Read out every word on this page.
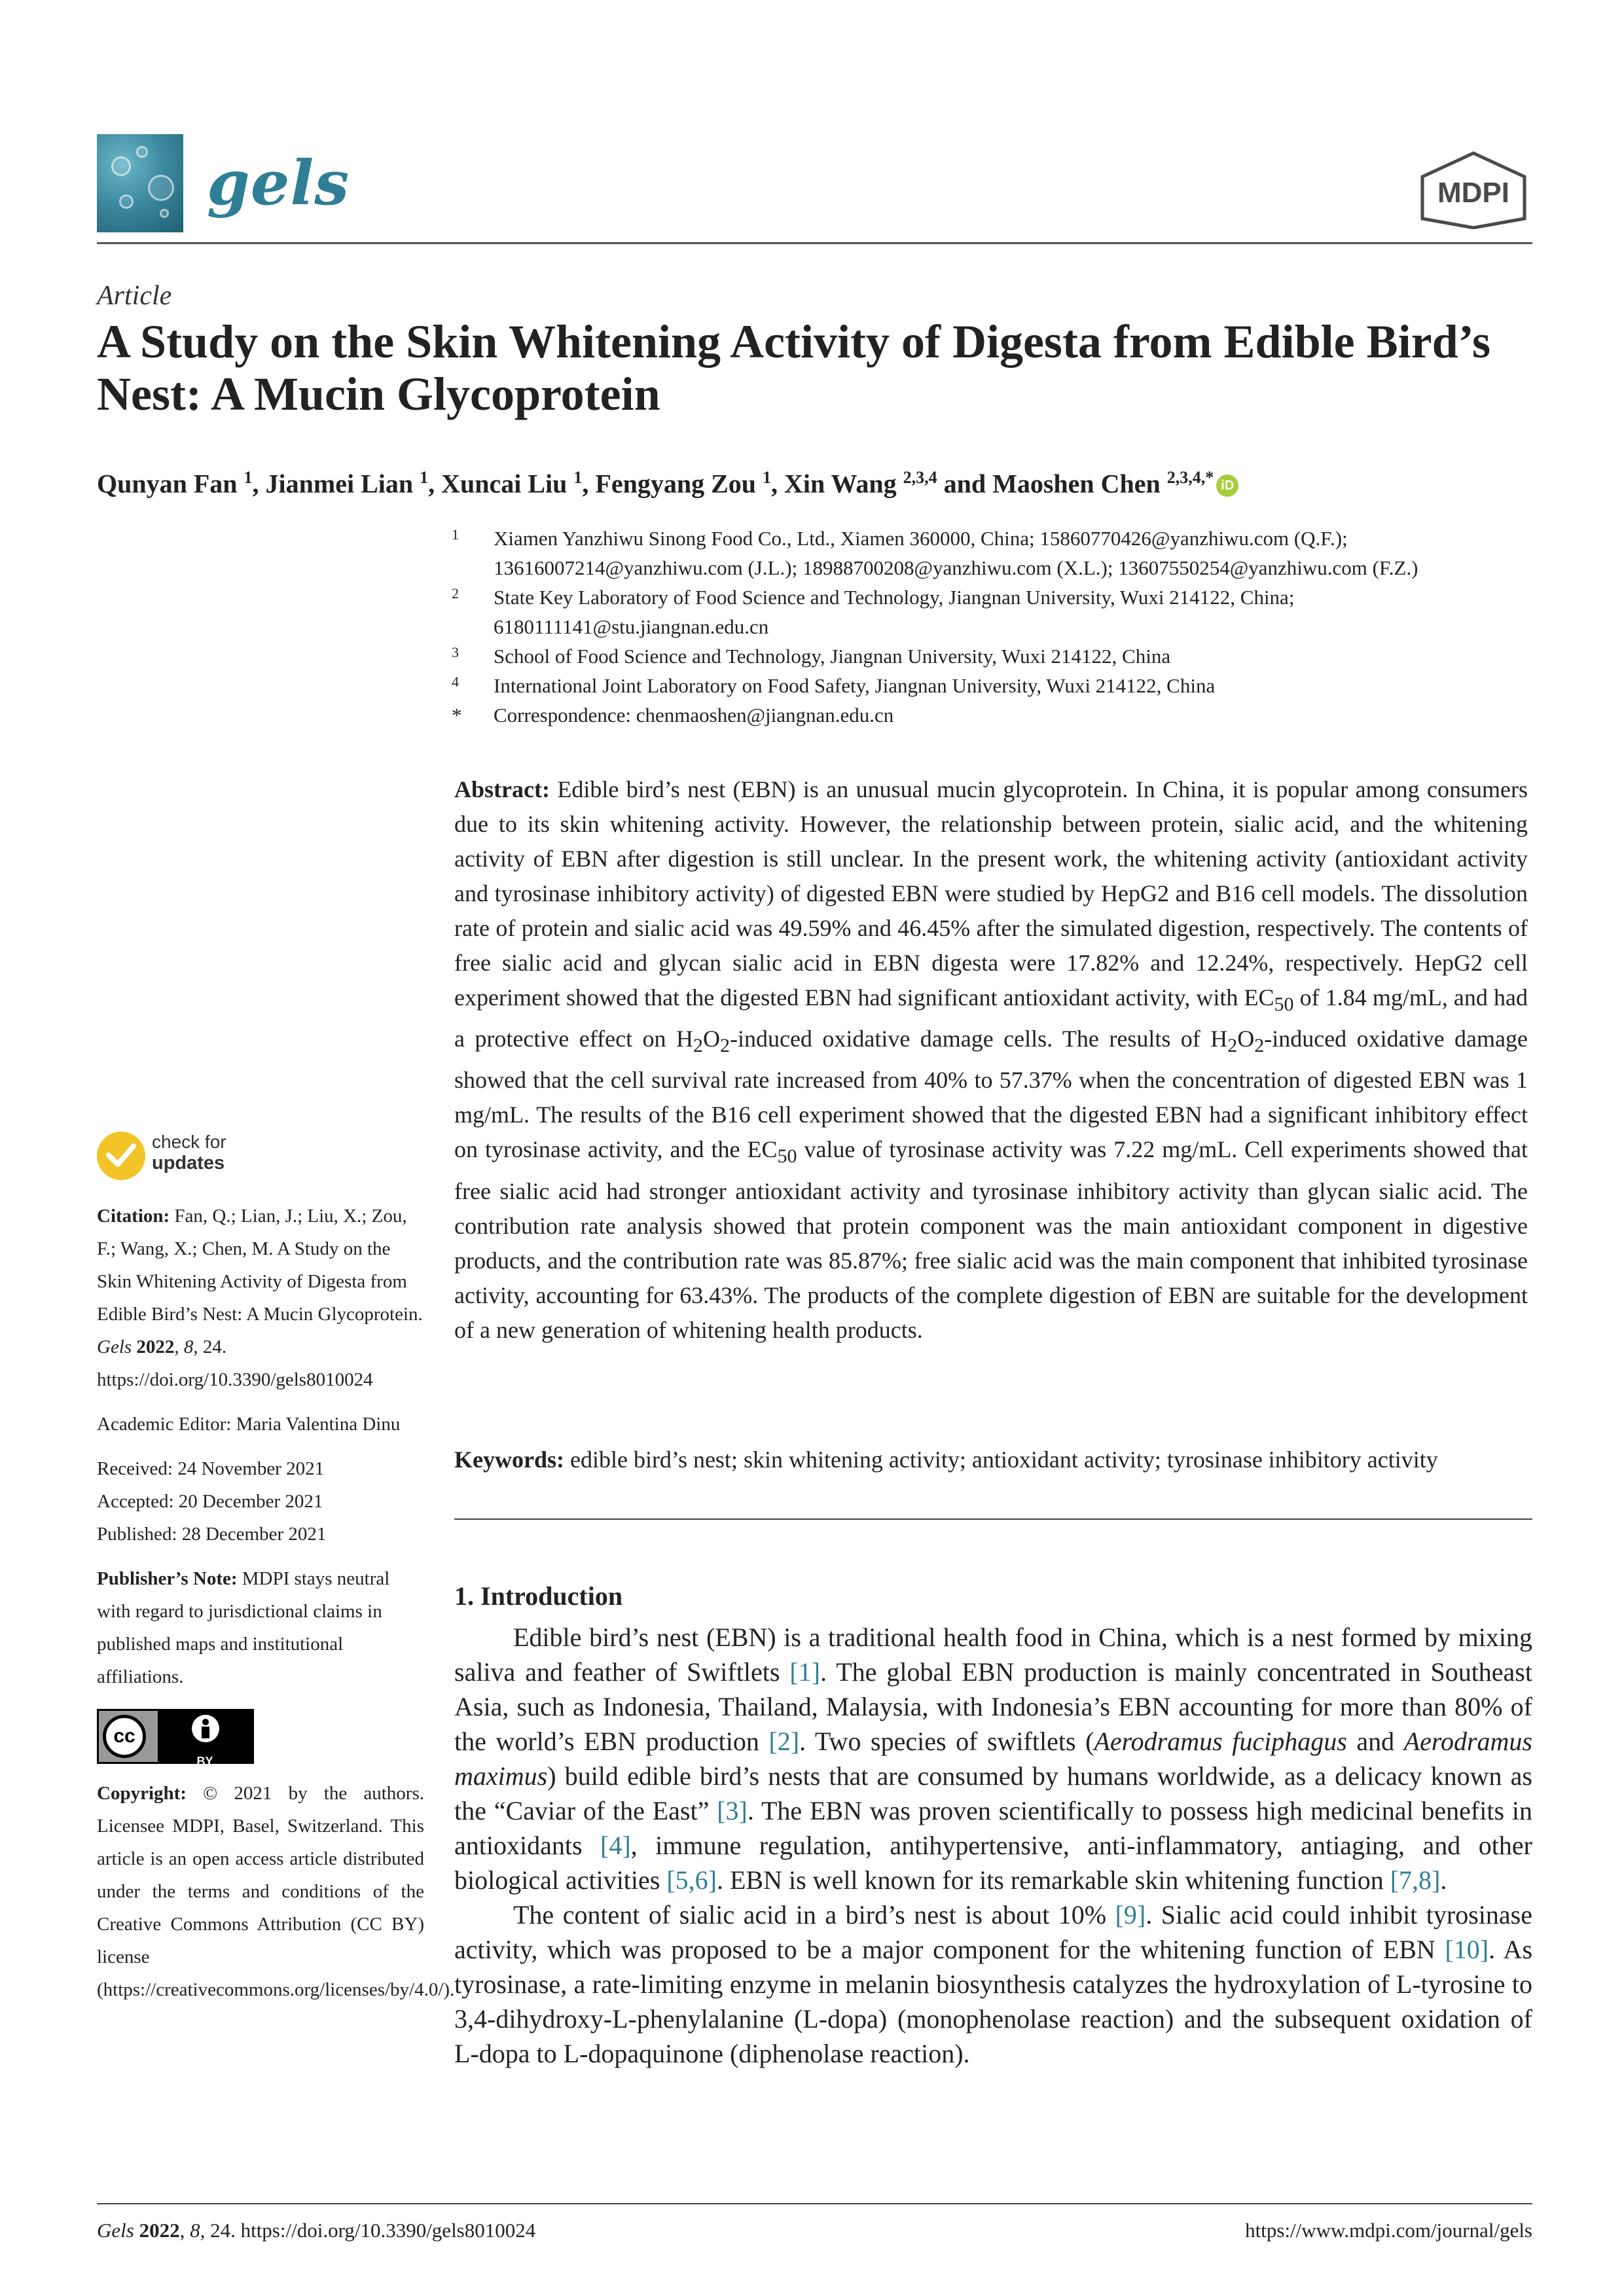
gels	MDPI
Article
A Study on the Skin Whitening Activity of Digesta from Edible Bird’s Nest: A Mucin Glycoprotein
Qunyan Fan $^1$, Jianmei Lian $^1$, Xuncai Liu $^1$, Fengyang Zou $^1$, Xin Wang $^{2,3,4}$ and Maoshen Chen $^{2,3,4,*}$ iD
1 Xiamen Yanzhiwu Sinong Food Co., Ltd., Xiamen 360000, China; 15860770426@yanzhiwu.com (Q.F.); 13616007214@yanzhiwu.com (J.L.); 18988700208@yanzhiwu.com (X.L.); 13607550254@yanzhiwu.com (F.Z.)
2 State Key Laboratory of Food Science and Technology, Jiangnan University, Wuxi 214122, China; 6180111141@stu.jiangnan.edu.cn
3 School of Food Science and Technology, Jiangnan University, Wuxi 214122, China
4 International Joint Laboratory on Food Safety, Jiangnan University, Wuxi 214122, China
* Correspondence: chenmaoshen@jiangnan.edu.cn
Abstract: Edible bird’s nest (EBN) is an unusual mucin glycoprotein. In China, it is popular among consumers due to its skin whitening activity. However, the relationship between protein, sialic acid, and the whitening activity of EBN after digestion is still unclear. In the present work, the whitening activity (antioxidant activity and tyrosinase inhibitory activity) of digested EBN were studied by HepG2 and B16 cell models. The dissolution rate of protein and sialic acid was 49.59% and 46.45% after the simulated digestion, respectively. The contents of free sialic acid and glycan sialic acid in EBN digesta were 17.82% and 12.24%, respectively. HepG2 cell experiment showed that the digested EBN had significant antioxidant activity, with $EC_{50}$ of 1.84 mg/mL, and had a protective effect on $H_2O_2$-induced oxidative damage cells. The results of $H_2O_2$-induced oxidative damage showed that the cell survival rate increased from 40% to 57.37% when the concentration of digested EBN was 1 mg/mL. The results of the B16 cell experiment showed that the digested EBN had a significant inhibitory effect on tyrosinase activity, and the $EC_{50}$ value of tyrosinase activity was 7.22 mg/mL. Cell experiments showed that free sialic acid had stronger antioxidant activity and tyrosinase inhibitory activity than glycan sialic acid. The contribution rate analysis showed that protein component was the main antioxidant component in digestive products, and the contribution rate was 85.87%; free sialic acid was the main component that inhibited tyrosinase activity, accounting for 63.43%. The products of the complete digestion of EBN are suitable for the development of a new generation of whitening health products.
Keywords: edible bird’s nest; skin whitening activity; antioxidant activity; tyrosinase inhibitory activity
1. Introduction

Edible bird’s nest (EBN) is a traditional health food in China, which is a nest formed by mixing saliva and feather of Swiftlets [1]. The global EBN production is mainly concentrated in Southeast Asia, such as Indonesia, Thailand, Malaysia, with Indonesia’s EBN accounting for more than 80% of the world’s EBN production [2]. Two species of swiftlets (Aerodramus fuciphagus and Aerodramus maximus) build edible bird’s nests that are consumed by humans worldwide, as a delicacy known as the “Caviar of the East” [3]. The EBN was proven scientifically to possess high medicinal benefits in antioxidants [4], immune regulation, antihypertensive, anti-inflammatory, antiaging, and other biological activities [5,6]. EBN is well known for its remarkable skin whitening function [7,8].

The content of sialic acid in a bird’s nest is about 10% [9]. Sialic acid could inhibit tyrosinase activity, which was proposed to be a major component for the whitening function of EBN [10]. As tyrosinase, a rate-limiting enzyme in melanin biosynthesis catalyzes the hydroxylation of L-tyrosine to 3,4-dihydroxy-L-phenylalanine (L-dopa) (monophenolase reaction) and the subsequent oxidation of L-dopa to L-dopaquinone (diphenolase reaction).

check for
updates
Citation: Fan, Q.; Lian, J.; Liu, X.; Zou, F.; Wang, X.; Chen, M. A Study on the Skin Whitening Activity of Digesta from Edible Bird’s Nest: A Mucin Glycoprotein. Gels 2022, 8, 24. https://doi.org/10.3390/gels8010024
Academic Editor: Maria Valentina Dinu
Received: 24 November 2021
Accepted: 20 December 2021
Published: 28 December 2021
Publisher’s Note: MDPI stays neutral with regard to jurisdictional claims in published maps and institutional affiliations.
cc
BY
Copyright: © 2021 by the authors. Licensee MDPI, Basel, Switzerland. This article is an open access article distributed under the terms and conditions of the Creative Commons Attribution (CC BY) license (https://creativecommons.org/licenses/by/4.0/).
Gels 2022, 8, 24. https://doi.org/10.3390/gels8010024	https://www.mdpi.com/journal/gels
